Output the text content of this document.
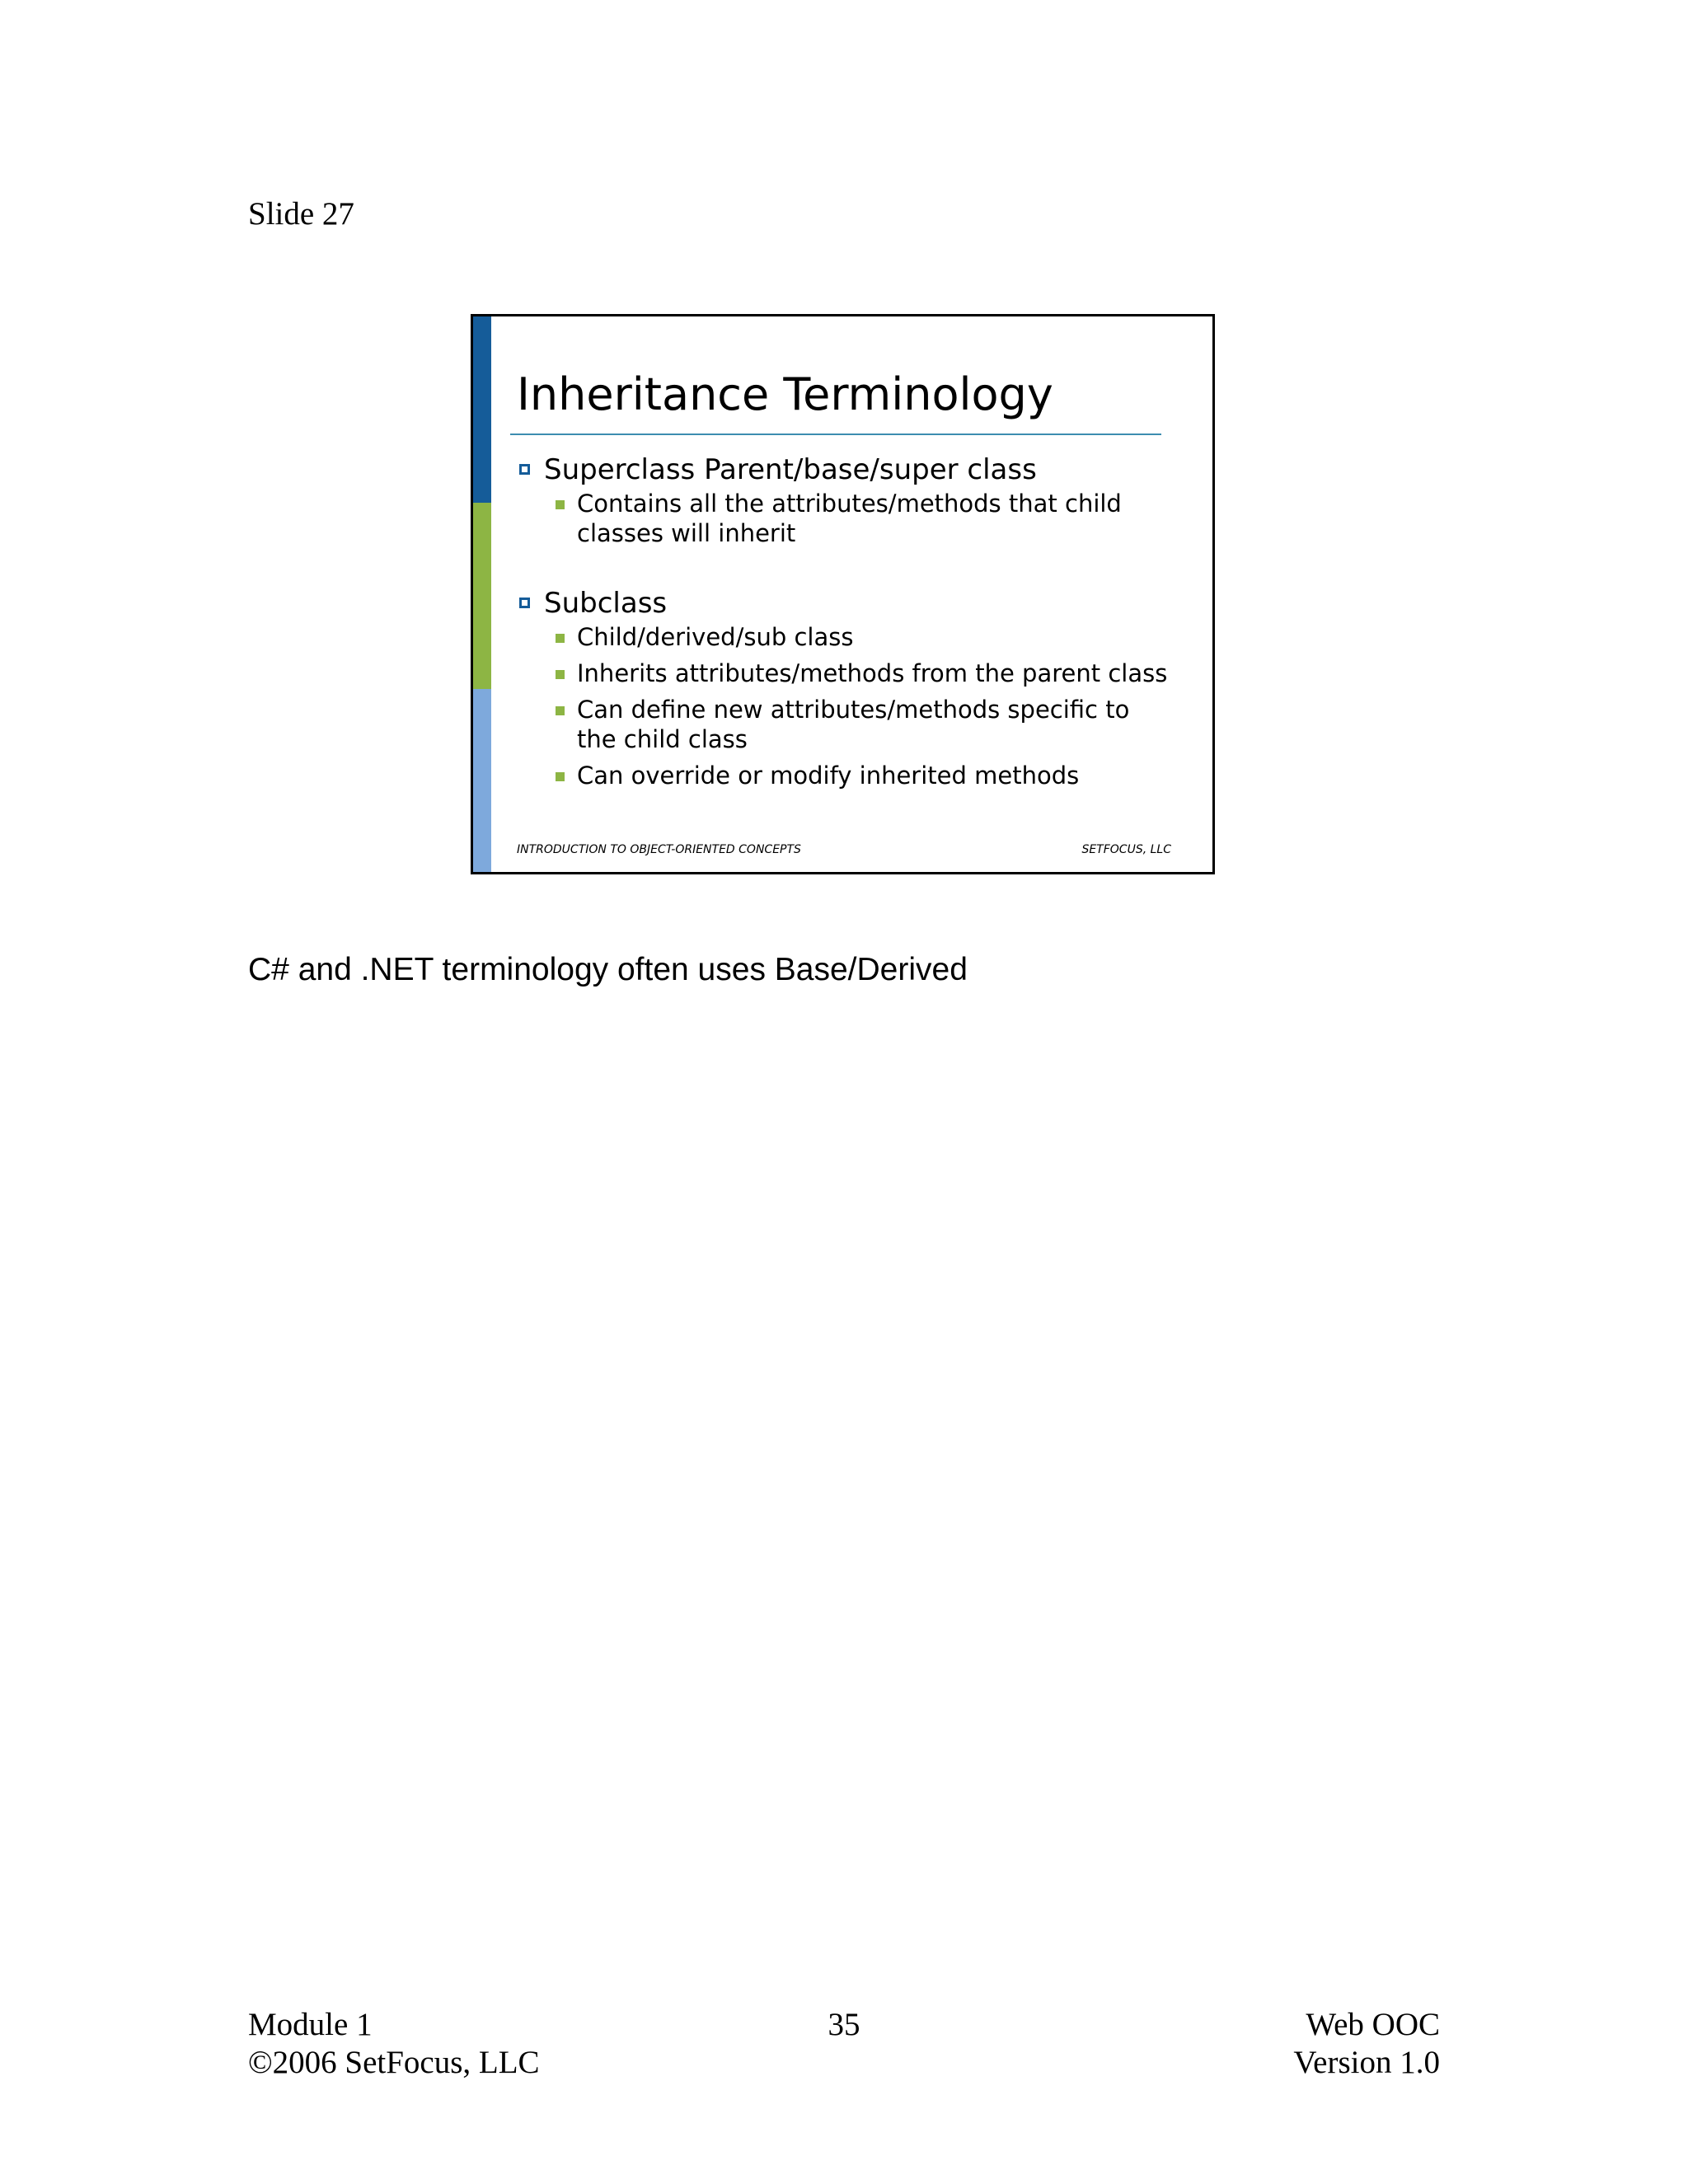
Slide 27
Inheritance Terminology
Superclass Parent/base/super class
Contains all the attributes/methods that child classes will inherit
Subclass
Child/derived/sub class
Inherits attributes/methods from the parent class
Can define new attributes/methods specific to the child class
Can override or modify inherited methods
INTRODUCTION TO OBJECT-ORIENTED CONCEPTS	SETFOCUS, LLC
C# and .NET terminology often uses Base/Derived
Module 1
©2006 SetFocus, LLC
35	Web OOC
Version 1.0
